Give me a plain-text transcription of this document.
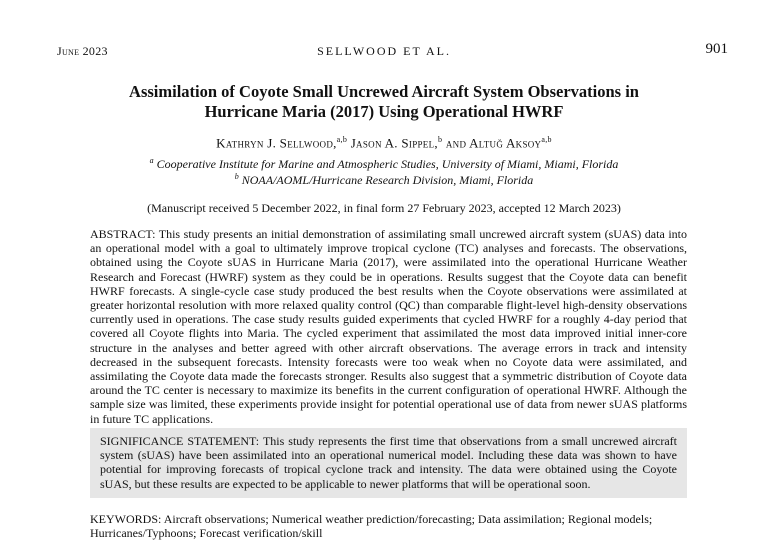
June 2023	SELLWOOD ET AL.	901
Assimilation of Coyote Small Uncrewed Aircraft System Observations in Hurricane Maria (2017) Using Operational HWRF
Kathryn J. Sellwood,$^{a,b}$ Jason A. Sippel,$^b$ and Altuğ Aksoy$^{a,b}$
$^a$ Cooperative Institute for Marine and Atmospheric Studies, University of Miami, Miami, Florida
$^b$ NOAA/AOML/Hurricane Research Division, Miami, Florida
(Manuscript received 5 December 2022, in final form 27 February 2023, accepted 12 March 2023)
ABSTRACT: This study presents an initial demonstration of assimilating small uncrewed aircraft system (sUAS) data into an operational model with a goal to ultimately improve tropical cyclone (TC) analyses and forecasts. The observations, obtained using the Coyote sUAS in Hurricane Maria (2017), were assimilated into the operational Hurricane Weather Research and Forecast (HWRF) system as they could be in operations. Results suggest that the Coyote data can benefit HWRF forecasts. A single-cycle case study produced the best results when the Coyote observations were assimilated at greater horizontal resolution with more relaxed quality control (QC) than comparable flight-level high-density observations currently used in operations. The case study results guided experiments that cycled HWRF for a roughly 4-day period that covered all Coyote flights into Maria. The cycled experiment that assimilated the most data improved initial inner-core structure in the analyses and better agreed with other aircraft observations. The average errors in track and intensity decreased in the subsequent forecasts. Intensity forecasts were too weak when no Coyote data were assimilated, and assimilating the Coyote data made the forecasts stronger. Results also suggest that a symmetric distribution of Coyote data around the TC center is necessary to maximize its benefits in the current configuration of operational HWRF. Although the sample size was limited, these experiments provide insight for potential operational use of data from newer sUAS platforms in future TC applications.
SIGNIFICANCE STATEMENT: This study represents the first time that observations from a small uncrewed aircraft system (sUAS) have been assimilated into an operational numerical model. Including these data was shown to have potential for improving forecasts of tropical cyclone track and intensity. The data were obtained using the Coyote sUAS, but these results are expected to be applicable to newer platforms that will be operational soon.
KEYWORDS: Aircraft observations; Numerical weather prediction/forecasting; Data assimilation; Regional models; Hurricanes/Typhoons; Forecast verification/skill
